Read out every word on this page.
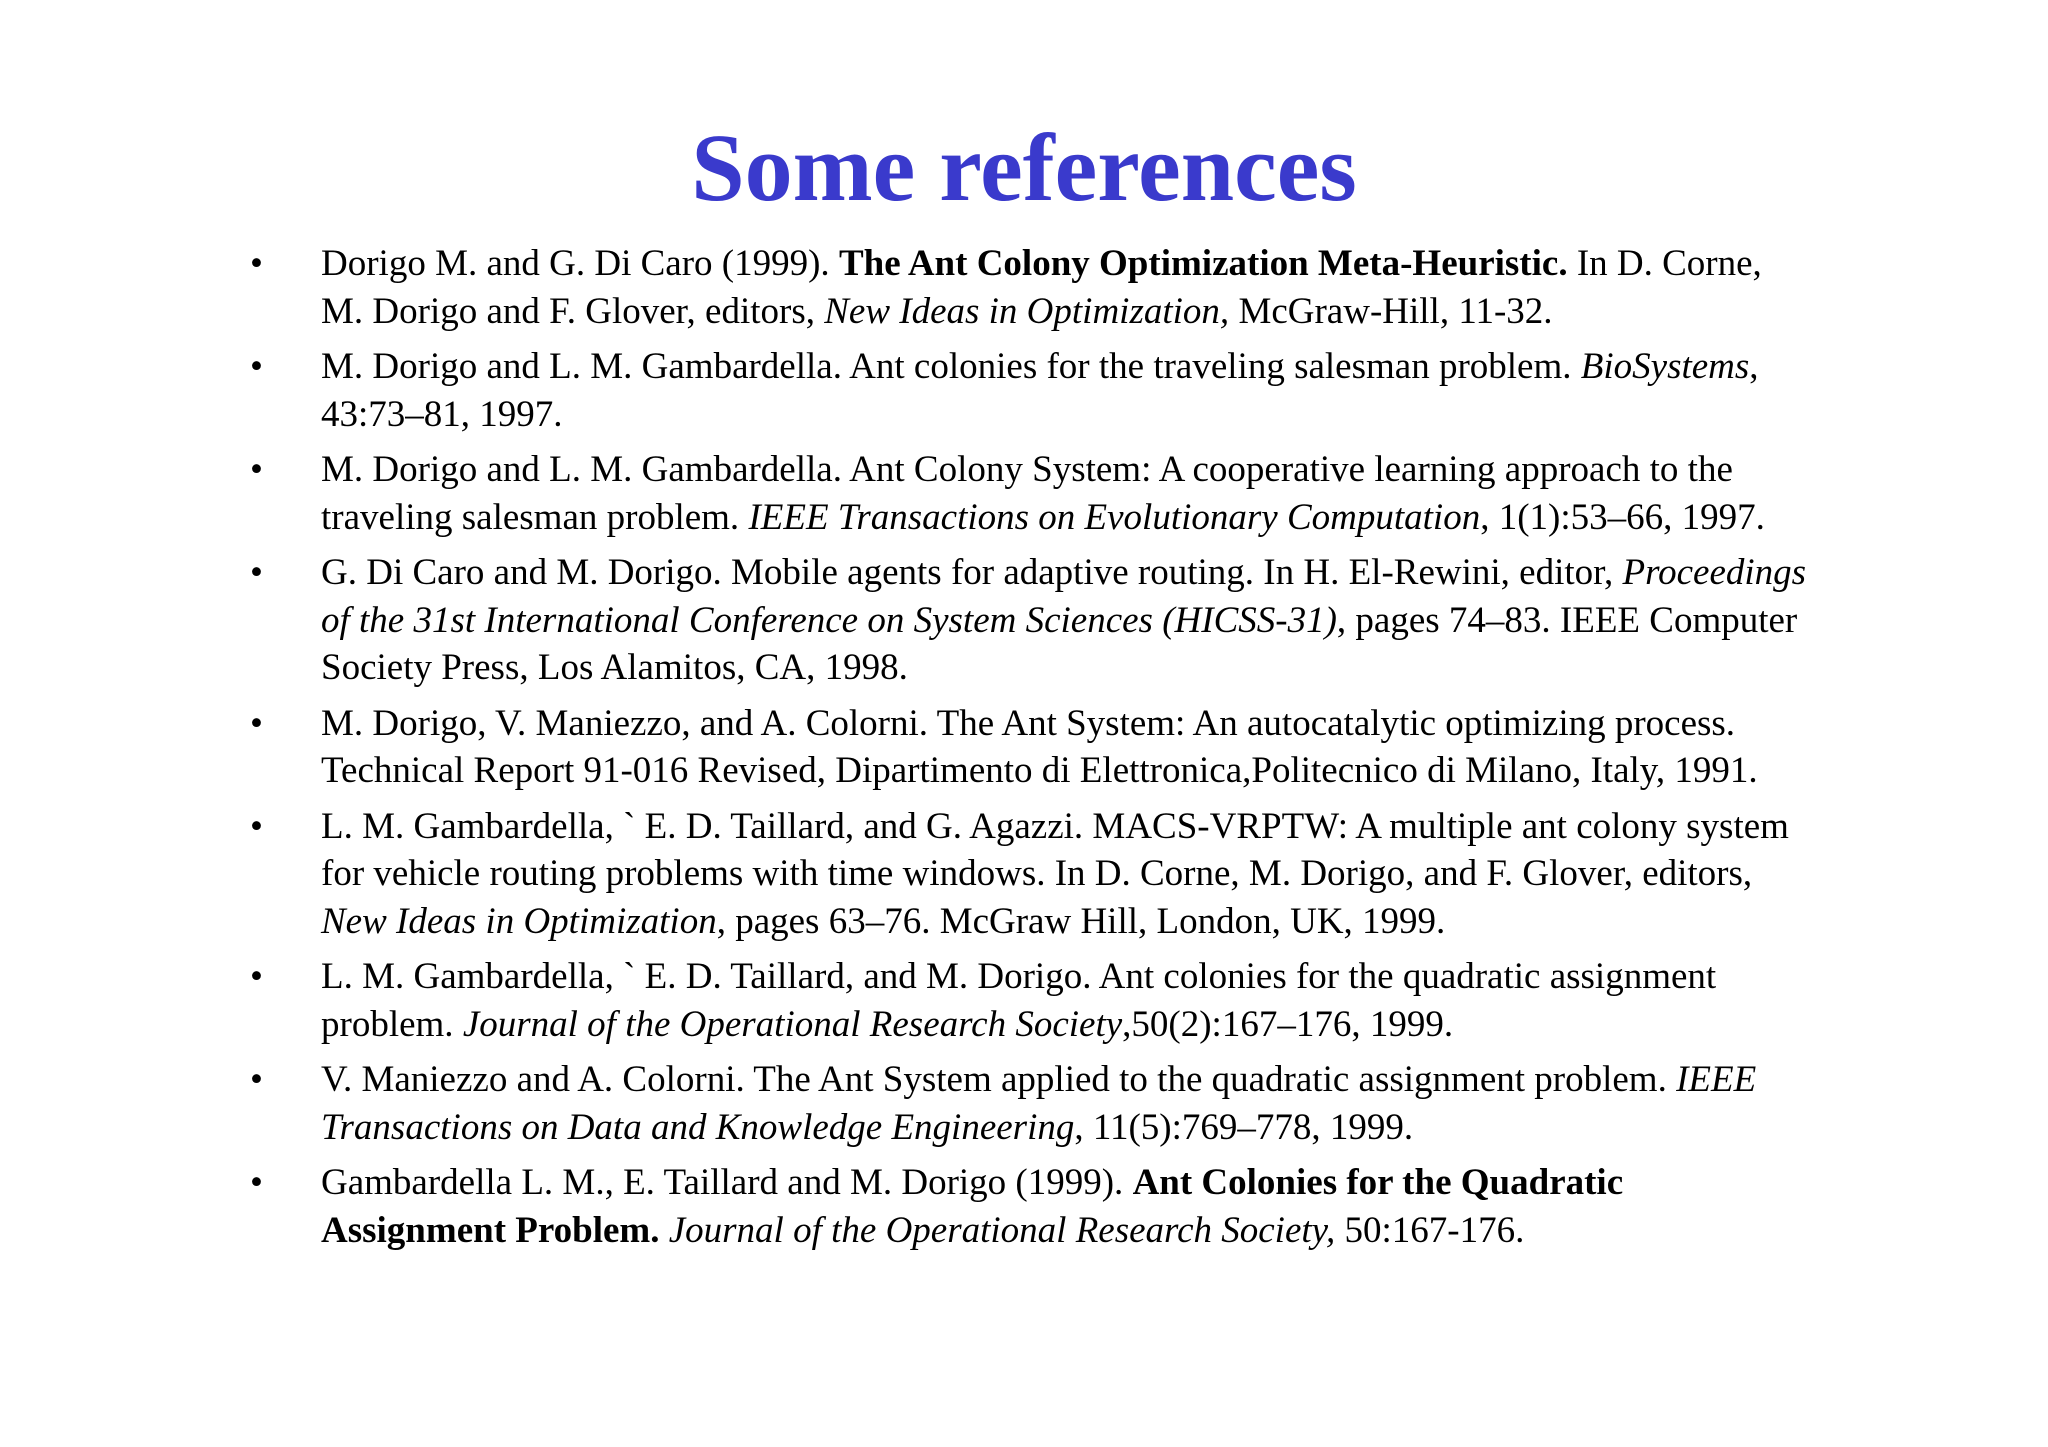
Some references
•	Dorigo M. and G. Di Caro (1999). The Ant Colony Optimization Meta-Heuristic. In D. Corne, M. Dorigo and F. Glover, editors, New Ideas in Optimization, McGraw-Hill, 11-32.
•	M. Dorigo and L. M. Gambardella. Ant colonies for the traveling salesman problem. BioSystems, 43:73–81, 1997.
•	M. Dorigo and L. M. Gambardella. Ant Colony System: A cooperative learning approach to the traveling salesman problem. IEEE Transactions on Evolutionary Computation, 1(1):53–66, 1997.
•	G. Di Caro and M. Dorigo. Mobile agents for adaptive routing. In H. El-Rewini, editor, Proceedings of the 31st International Conference on System Sciences (HICSS-31), pages 74–83. IEEE Computer Society Press, Los Alamitos, CA, 1998.
•	M. Dorigo, V. Maniezzo, and A. Colorni. The Ant System: An autocatalytic optimizing process. Technical Report 91-016 Revised, Dipartimento di Elettronica,Politecnico di Milano, Italy, 1991.
•	L. M. Gambardella, ` E. D. Taillard, and G. Agazzi. MACS-VRPTW: A multiple ant colony system for vehicle routing problems with time windows. In D. Corne, M. Dorigo, and F. Glover, editors, New Ideas in Optimization, pages 63–76. McGraw Hill, London, UK, 1999.
•	L. M. Gambardella, ` E. D. Taillard, and M. Dorigo. Ant colonies for the quadratic assignment problem. Journal of the Operational Research Society,50(2):167–176, 1999.
•	V. Maniezzo and A. Colorni. The Ant System applied to the quadratic assignment problem. IEEE Transactions on Data and Knowledge Engineering, 11(5):769–778, 1999.
•	Gambardella L. M., E. Taillard and M. Dorigo (1999). Ant Colonies for the Quadratic Assignment Problem. Journal of the Operational Research Society, 50:167-176.
